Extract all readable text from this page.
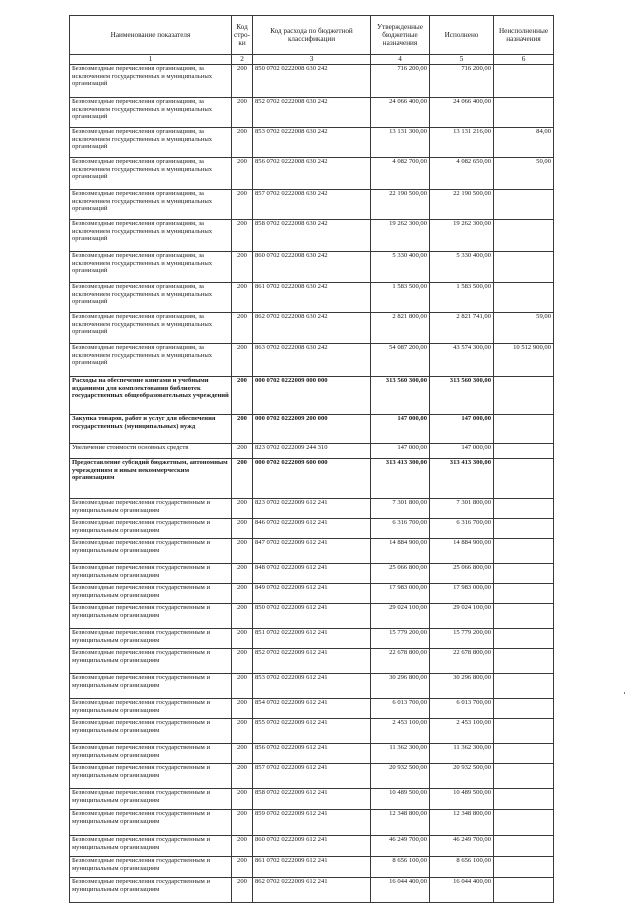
Наименование показателя	Код стро-ки	Код расхода по бюджетной классификации	Утвержденные бюджетные назначения	Исполнено	Неисполненные назначения
1	2	3	4	5	6
Безвозмездные перечисления организациям, за исключением государственных и муниципальных организаций	200	850 0702 0222008 630 242	716 200,00	716 200,00	
Безвозмездные перечисления организациям, за исключением государственных и муниципальных организаций	200	852 0702 0222008 630 242	24 066 400,00	24 066 400,00	
Безвозмездные перечисления организациям, за исключением государственных и муниципальных организаций	200	853 0702 0222008 630 242	13 131 300,00	13 131 216,00	84,00
Безвозмездные перечисления организациям, за исключением государственных и муниципальных организаций	200	856 0702 0222008 630 242	4 082 700,00	4 082 650,00	50,00
Безвозмездные перечисления организациям, за исключением государственных и муниципальных организаций	200	857 0702 0222008 630 242	22 190 500,00	22 190 500,00	
Безвозмездные перечисления организациям, за исключением государственных и муниципальных организаций	200	858 0702 0222008 630 242	19 262 300,00	19 262 300,00	
Безвозмездные перечисления организациям, за исключением государственных и муниципальных организаций	200	860 0702 0222008 630 242	5 330 400,00	5 330 400,00	
Безвозмездные перечисления организациям, за исключением государственных и муниципальных организаций	200	861 0702 0222008 630 242	1 583 500,00	1 583 500,00	
Безвозмездные перечисления организациям, за исключением государственных и муниципальных организаций	200	862 0702 0222008 630 242	2 821 800,00	2 821 741,00	59,00
Безвозмездные перечисления организациям, за исключением государственных и муниципальных организаций	200	863 0702 0222008 630 242	54 087 200,00	43 574 300,00	10 512 900,00
Расходы на обеспечение книгами и учебными изданиями для комплектования библиотек государственных общеобразовательных учреждений	200	000 0702 0222009 000 000	313 560 300,00	313 560 300,00	
Закупка товаров, работ и услуг для обеспечения государственных (муниципальных) нужд	200	000 0702 0222009 200 000	147 000,00	147 000,00	
Увеличение стоимости основных средств	200	823 0702 0222009 244 310	147 000,00	147 000,00	
Предоставление субсидий бюджетным, автономным учреждениям и иным некоммерческим организациям	200	000 0702 0222009 600 000	313 413 300,00	313 413 300,00	
Безвозмездные перечисления государственным и муниципальным организациям	200	823 0702 0222009 612 241	7 301 800,00	7 301 800,00	
Безвозмездные перечисления государственным и муниципальным организациям	200	846 0702 0222009 612 241	6 316 700,00	6 316 700,00	
Безвозмездные перечисления государственным и муниципальным организациям	200	847 0702 0222009 612 241	14 884 900,00	14 884 900,00	
Безвозмездные перечисления государственным и муниципальным организациям	200	848 0702 0222009 612 241	25 066 800,00	25 066 800,00	
Безвозмездные перечисления государственным и муниципальным организациям	200	849 0702 0222009 612 241	17 983 000,00	17 983 000,00	
Безвозмездные перечисления государственным и муниципальным организациям	200	850 0702 0222009 612 241	29 024 100,00	29 024 100,00	
Безвозмездные перечисления государственным и муниципальным организациям	200	851 0702 0222009 612 241	15 779 200,00	15 779 200,00	
Безвозмездные перечисления государственным и муниципальным организациям	200	852 0702 0222009 612 241	22 678 800,00	22 678 800,00	
Безвозмездные перечисления государственным и муниципальным организациям	200	853 0702 0222009 612 241	30 296 800,00	30 296 800,00	
Безвозмездные перечисления государственным и муниципальным организациям	200	854 0702 0222009 612 241	6 013 700,00	6 013 700,00	
Безвозмездные перечисления государственным и муниципальным организациям	200	855 0702 0222009 612 241	2 453 100,00	2 453 100,00	
Безвозмездные перечисления государственным и муниципальным организациям	200	856 0702 0222009 612 241	11 362 300,00	11 362 300,00	
Безвозмездные перечисления государственным и муниципальным организациям	200	857 0702 0222009 612 241	20 932 500,00	20 932 500,00	
Безвозмездные перечисления государственным и муниципальным организациям	200	858 0702 0222009 612 241	10 489 500,00	10 489 500,00	
Безвозмездные перечисления государственным и муниципальным организациям	200	859 0702 0222009 612 241	12 348 800,00	12 348 800,00	
Безвозмездные перечисления государственным и муниципальным организациям	200	860 0702 0222009 612 241	46 249 700,00	46 249 700,00	
Безвозмездные перечисления государственным и муниципальным организациям	200	861 0702 0222009 612 241	8 656 100,00	8 656 100,00	
Безвозмездные перечисления государственным и муниципальным организациям	200	862 0702 0222009 612 241	16 044 400,00	16 044 400,00	
